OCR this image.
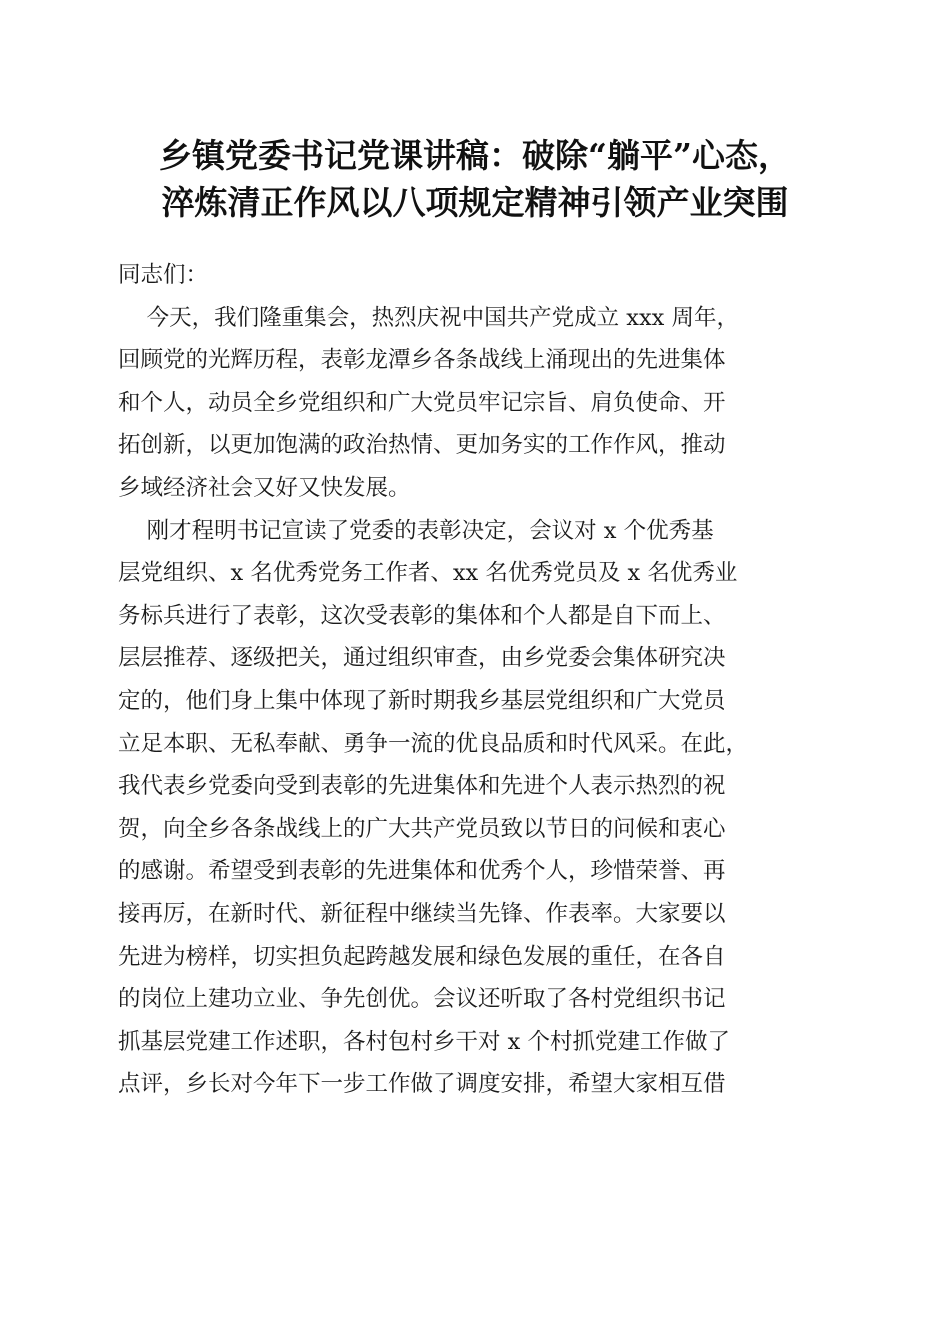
乡镇党委书记党课讲稿：破除“躺平”心态，
淬炼清正作风以八项规定精神引领产业突围
同志们：
今天，我们隆重集会，热烈庆祝中国共产党成立 xxx 周年，
回顾党的光辉历程，表彰龙潭乡各条战线上涌现出的先进集体
和个人，动员全乡党组织和广大党员牢记宗旨、肩负使命、开
拓创新，以更加饱满的政治热情、更加务实的工作作风，推动
乡域经济社会又好又快发展。
刚才程明书记宣读了党委的表彰决定，会议对 x 个优秀基
层党组织、x 名优秀党务工作者、xx 名优秀党员及 x 名优秀业
务标兵进行了表彰，这次受表彰的集体和个人都是自下而上、
层层推荐、逐级把关，通过组织审查，由乡党委会集体研究决
定的，他们身上集中体现了新时期我乡基层党组织和广大党员
立足本职、无私奉献、勇争一流的优良品质和时代风采。在此，
我代表乡党委向受到表彰的先进集体和先进个人表示热烈的祝
贺，向全乡各条战线上的广大共产党员致以节日的问候和衷心
的感谢。希望受到表彰的先进集体和优秀个人，珍惜荣誉、再
接再厉，在新时代、新征程中继续当先锋、作表率。大家要以
先进为榜样，切实担负起跨越发展和绿色发展的重任，在各自
的岗位上建功立业、争先创优。会议还听取了各村党组织书记
抓基层党建工作述职，各村包村乡干对 x 个村抓党建工作做了
点评，乡长对今年下一步工作做了调度安排，希望大家相互借
